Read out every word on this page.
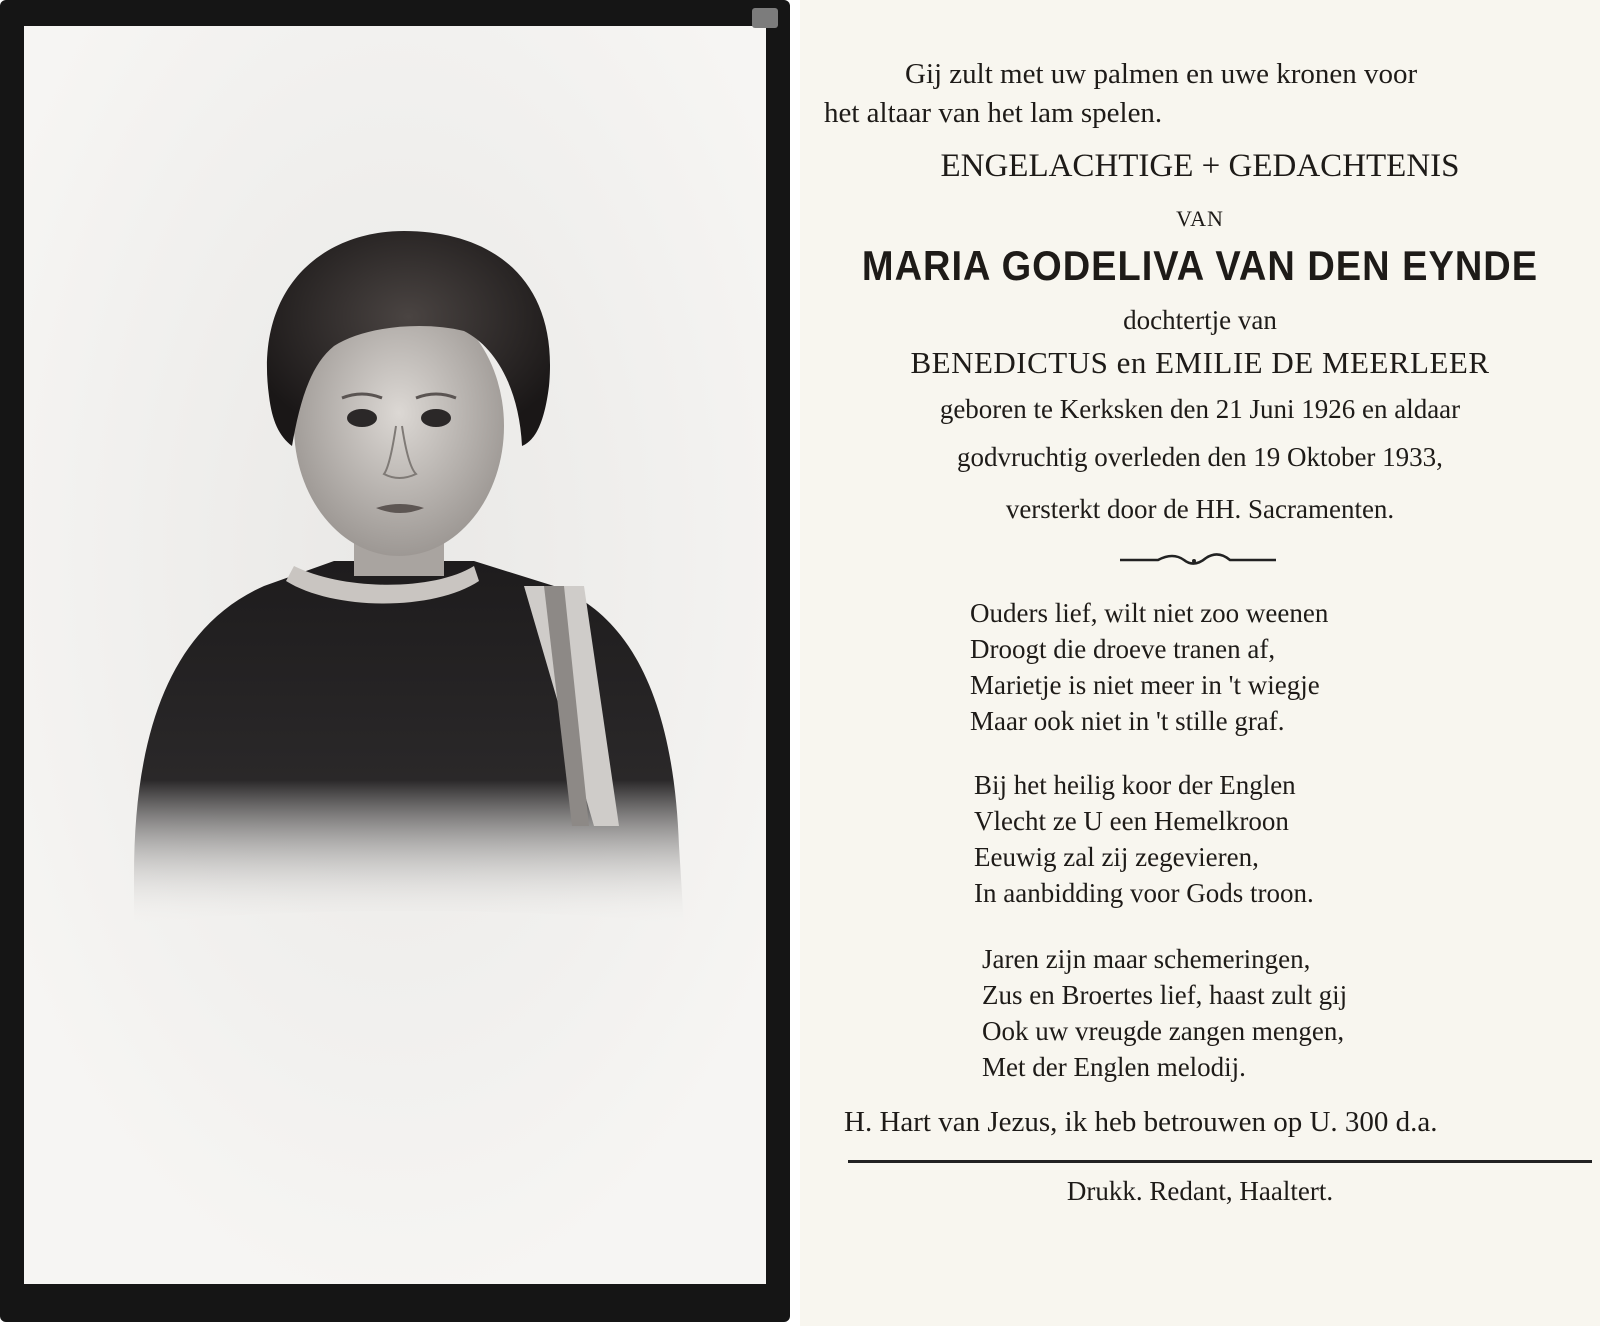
Gij zult met uw palmen en uwe kronen voor
het altaar van het lam spelen.
ENGELACHTIGE + GEDACHTENIS
VAN
MARIA GODELIVA VAN DEN EYNDE
dochtertje van
BENEDICTUS en EMILIE DE MEERLEER
geboren te Kerksken den 21 Juni 1926 en aldaar
godvruchtig overleden den 19 Oktober 1933,
versterkt door de HH. Sacramenten.
Ouders lief, wilt niet zoo weenen
Droogt die droeve tranen af,
Marietje is niet meer in 't wiegje
Maar ook niet in 't stille graf.
Bij het heilig koor der Englen
Vlecht ze U een Hemelkroon
Eeuwig zal zij zegevieren,
In aanbidding voor Gods troon.
Jaren zijn maar schemeringen,
Zus en Broertes lief, haast zult gij
Ook uw vreugde zangen mengen,
Met der Englen melodij.
H. Hart van Jezus, ik heb betrouwen op U. 300 d.a.
Drukk. Redant, Haaltert.
